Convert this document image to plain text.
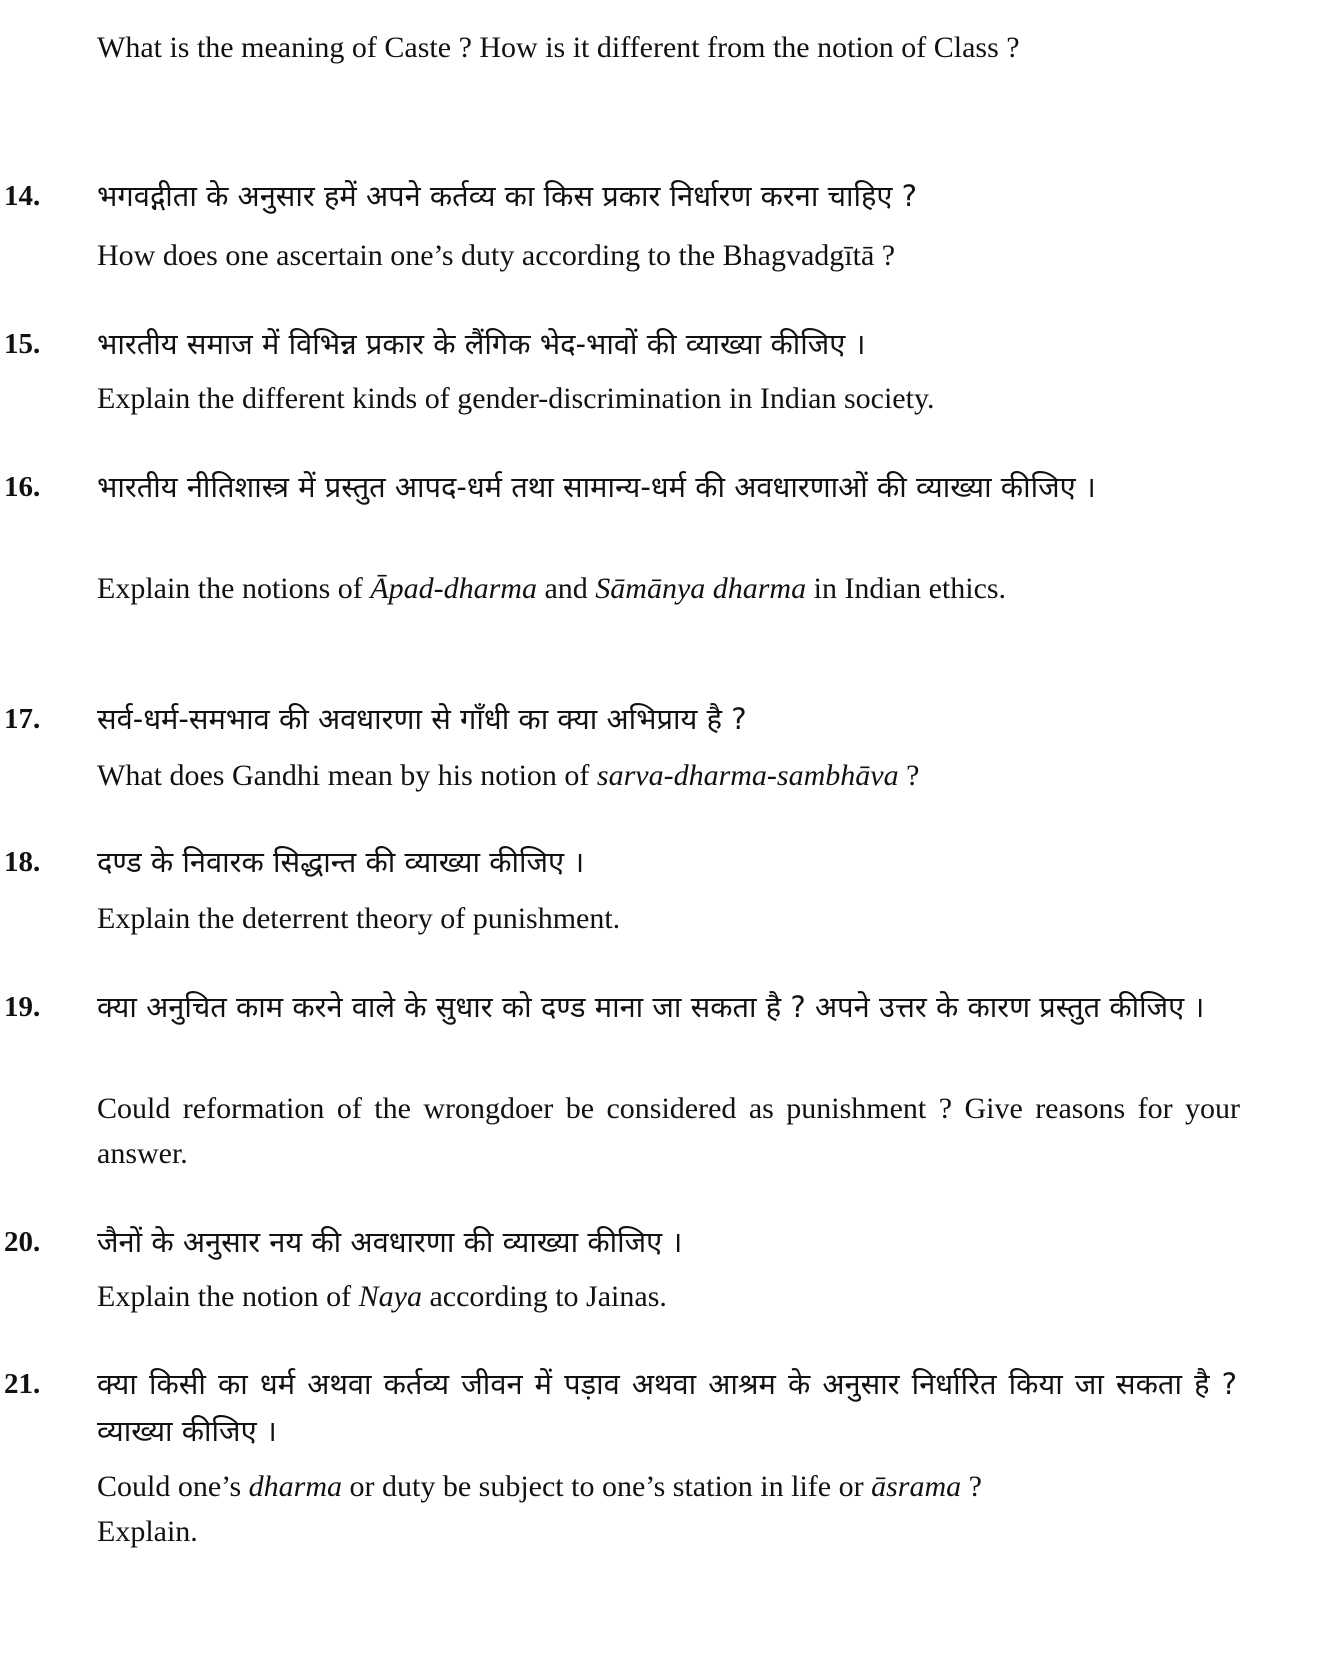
What is the meaning of Caste ? How is it different from the notion of Class ?
14. भगवद्गीता के अनुसार हमें अपने कर्तव्य का किस प्रकार निर्धारण करना चाहिए ?
How does one ascertain one’s duty according to the Bhagvadgītā ?
15. भारतीय समाज में विभिन्न प्रकार के लैंगिक भेद-भावों की व्याख्या कीजिए ।
Explain the different kinds of gender-discrimination in Indian society.
16. भारतीय नीतिशास्त्र में प्रस्तुत आपद-धर्म तथा सामान्य-धर्म की अवधारणाओं की व्याख्या कीजिए ।
Explain the notions of Āpad-dharma and Sāmānya dharma in Indian ethics.
17. सर्व-धर्म-समभाव की अवधारणा से गाँधी का क्या अभिप्राय है ?
What does Gandhi mean by his notion of sarva-dharma-sambhāva ?
18. दण्ड के निवारक सिद्धान्त की व्याख्या कीजिए ।
Explain the deterrent theory of punishment.
19. क्या अनुचित काम करने वाले के सुधार को दण्ड माना जा सकता है ? अपने उत्तर के कारण प्रस्तुत कीजिए ।
Could reformation of the wrongdoer be considered as punishment ? Give reasons for your answer.
20. जैनों के अनुसार नय की अवधारणा की व्याख्या कीजिए ।
Explain the notion of Naya according to Jainas.
21. क्या किसी का धर्म अथवा कर्तव्य जीवन में पड़ाव अथवा आश्रम के अनुसार निर्धारित किया जा सकता है ? व्याख्या कीजिए ।
Could one’s dharma or duty be subject to one’s station in life or āsrama ?
Explain.
